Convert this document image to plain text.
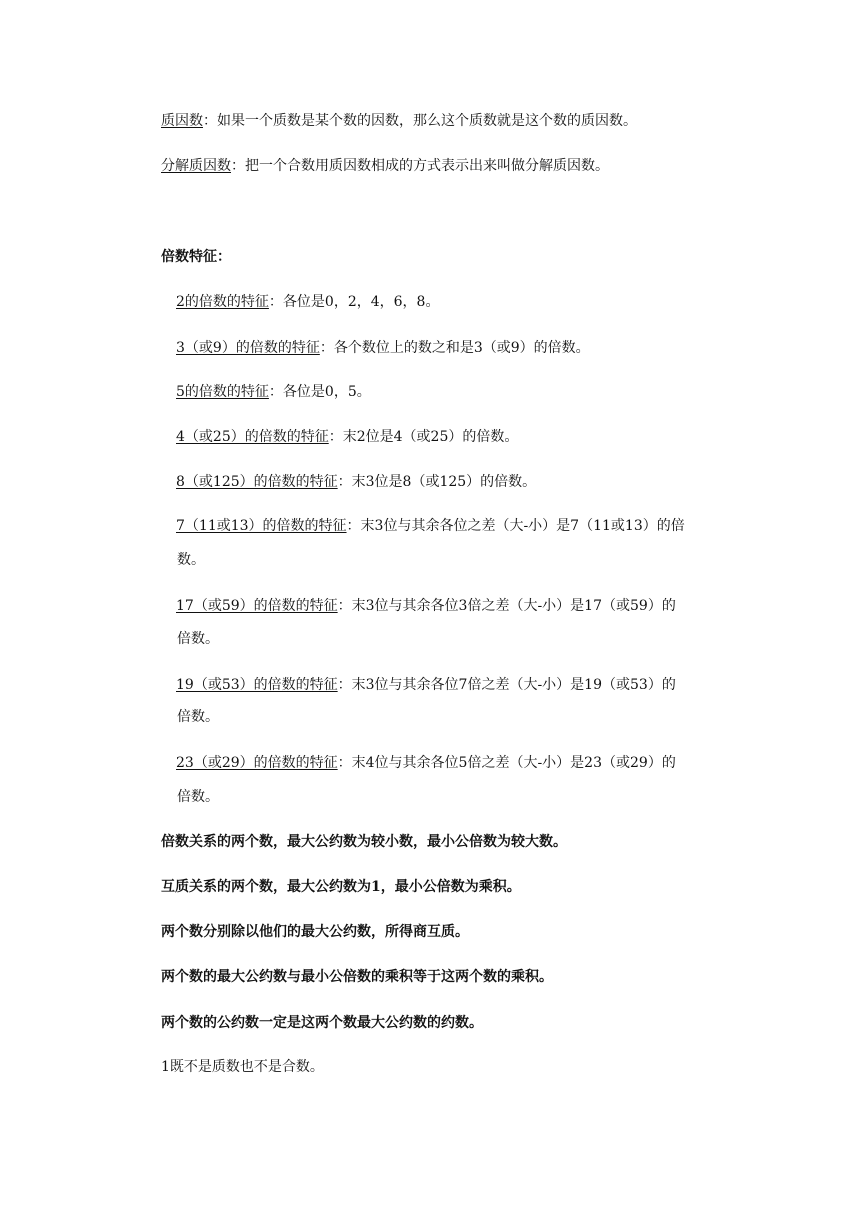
质因数：如果一个质数是某个数的因数，那么这个质数就是这个数的质因数。
分解质因数：把一个合数用质因数相成的方式表示出来叫做分解质因数。
倍数特征：
2的倍数的特征：各位是0，2，4，6，8。
3（或9）的倍数的特征：各个数位上的数之和是3（或9）的倍数。
5的倍数的特征：各位是0，5。
4（或25）的倍数的特征：末2位是4（或25）的倍数。
8（或125）的倍数的特征：末3位是8（或125）的倍数。
7（11或13）的倍数的特征：末3位与其余各位之差（大-小）是7（11或13）的倍
数。
17（或59）的倍数的特征：末3位与其余各位3倍之差（大-小）是17（或59）的
倍数。
19（或53）的倍数的特征：末3位与其余各位7倍之差（大-小）是19（或53）的
倍数。
23（或29）的倍数的特征：末4位与其余各位5倍之差（大-小）是23（或29）的
倍数。
倍数关系的两个数，最大公约数为较小数，最小公倍数为较大数。
互质关系的两个数，最大公约数为1，最小公倍数为乘积。
两个数分别除以他们的最大公约数，所得商互质。
两个数的最大公约数与最小公倍数的乘积等于这两个数的乘积。
两个数的公约数一定是这两个数最大公约数的约数。
1既不是质数也不是合数。
